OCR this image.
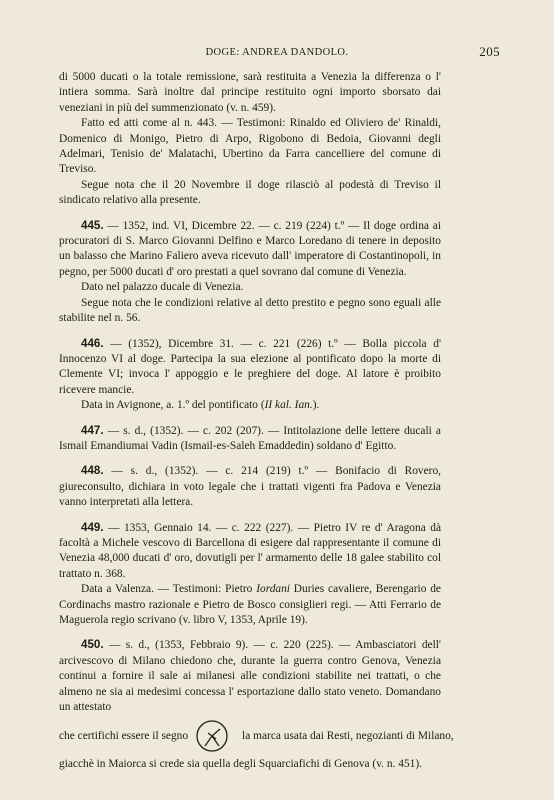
DOGE: ANDREA DANDOLO.	205

di 5000 ducati o la totale remissione, sarà restituita a Venezia la differenza o l' intiera somma. Sarà inoltre dal principe restituito ogni importo sborsato dai veneziani in più del summenzionato (v. n. 459).

Fatto ed atti come al n. 443. — Testimoni: Rinaldo ed Oliviero de' Rinaldi, Domenico di Monigo, Pietro di Arpo, Rigobono di Bedoia, Giovanni degli Adelmari, Tenisio de' Malatachi, Ubertino da Farra cancelliere del comune di Treviso.

Segue nota che il 20 Novembre il doge rilasciò al podestà di Treviso il sindicato relativo alla presente.

445. — 1352, ind. VI, Dicembre 22. — c. 219 (224) t.º — Il doge ordina ai procuratori di S. Marco Giovanni Delfino e Marco Loredano di tenere in deposito un balasso che Marino Faliero aveva ricevuto dall' imperatore di Costantinopoli, in pegno, per 5000 ducati d' oro prestati a quel sovrano dal comune di Venezia.

Dato nel palazzo ducale di Venezia.

Segue nota che le condizioni relative al detto prestito e pegno sono eguali alle stabilite nel n. 56.

446. — (1352), Dicembre 31. — c. 221 (226) t.º — Bolla piccola d' Innocenzo VI al doge. Partecipa la sua elezione al pontificato dopo la morte di Clemente VI; invoca l' appoggio e le preghiere del doge. Al latore è proibito ricevere mancie.

Data in Avignone, a. 1.º del pontificato (II kal. Ian.).

447. — s. d., (1352). — c. 202 (207). — Intitolazione delle lettere ducali a Ismail Emandiumai Vadin (Ismail-es-Saleh Emaddedin) soldano d' Egitto.

448. — s. d., (1352). — c. 214 (219) t.º — Bonifacio di Rovero, giureconsulto, dichiara in voto legale che i trattati vigenti fra Padova e Venezia vanno interpretati alla lettera.

449. — 1353, Gennaio 14. — c. 222 (227). — Pietro IV re d' Aragona dà facoltà a Michele vescovo di Barcellona di esigere dal rappresentante il comune di Venezia 48,000 ducati d' oro, dovutigli per l' armamento delle 18 galee stabilito col trattato n. 368.

Data a Valenza. — Testimoni: Pietro Iordani Duries cavaliere, Berengario de Cordinachs mastro razionale e Pietro de Bosco consiglieri regi. — Atti Ferrario de Maguerola regio scrivano (v. libro V, 1353, Aprile 19).

450. — s. d., (1353, Febbraio 9). — c. 220 (225). — Ambasciatori dell' arcivescovo di Milano chiedono che, durante la guerra contro Genova, Venezia continui a fornire il sale ai milanesi alle condizioni stabilite nei trattati, o che almeno ne sia ai medesimi concessa l' esportazione dallo stato veneto. Domandano un attestato

che certifichi essere il segno	la marca usata dai Resti, negozianti di Milano,

giacchè in Maiorca si crede sia quella degli Squarciafichi di Genova (v. n. 451).
